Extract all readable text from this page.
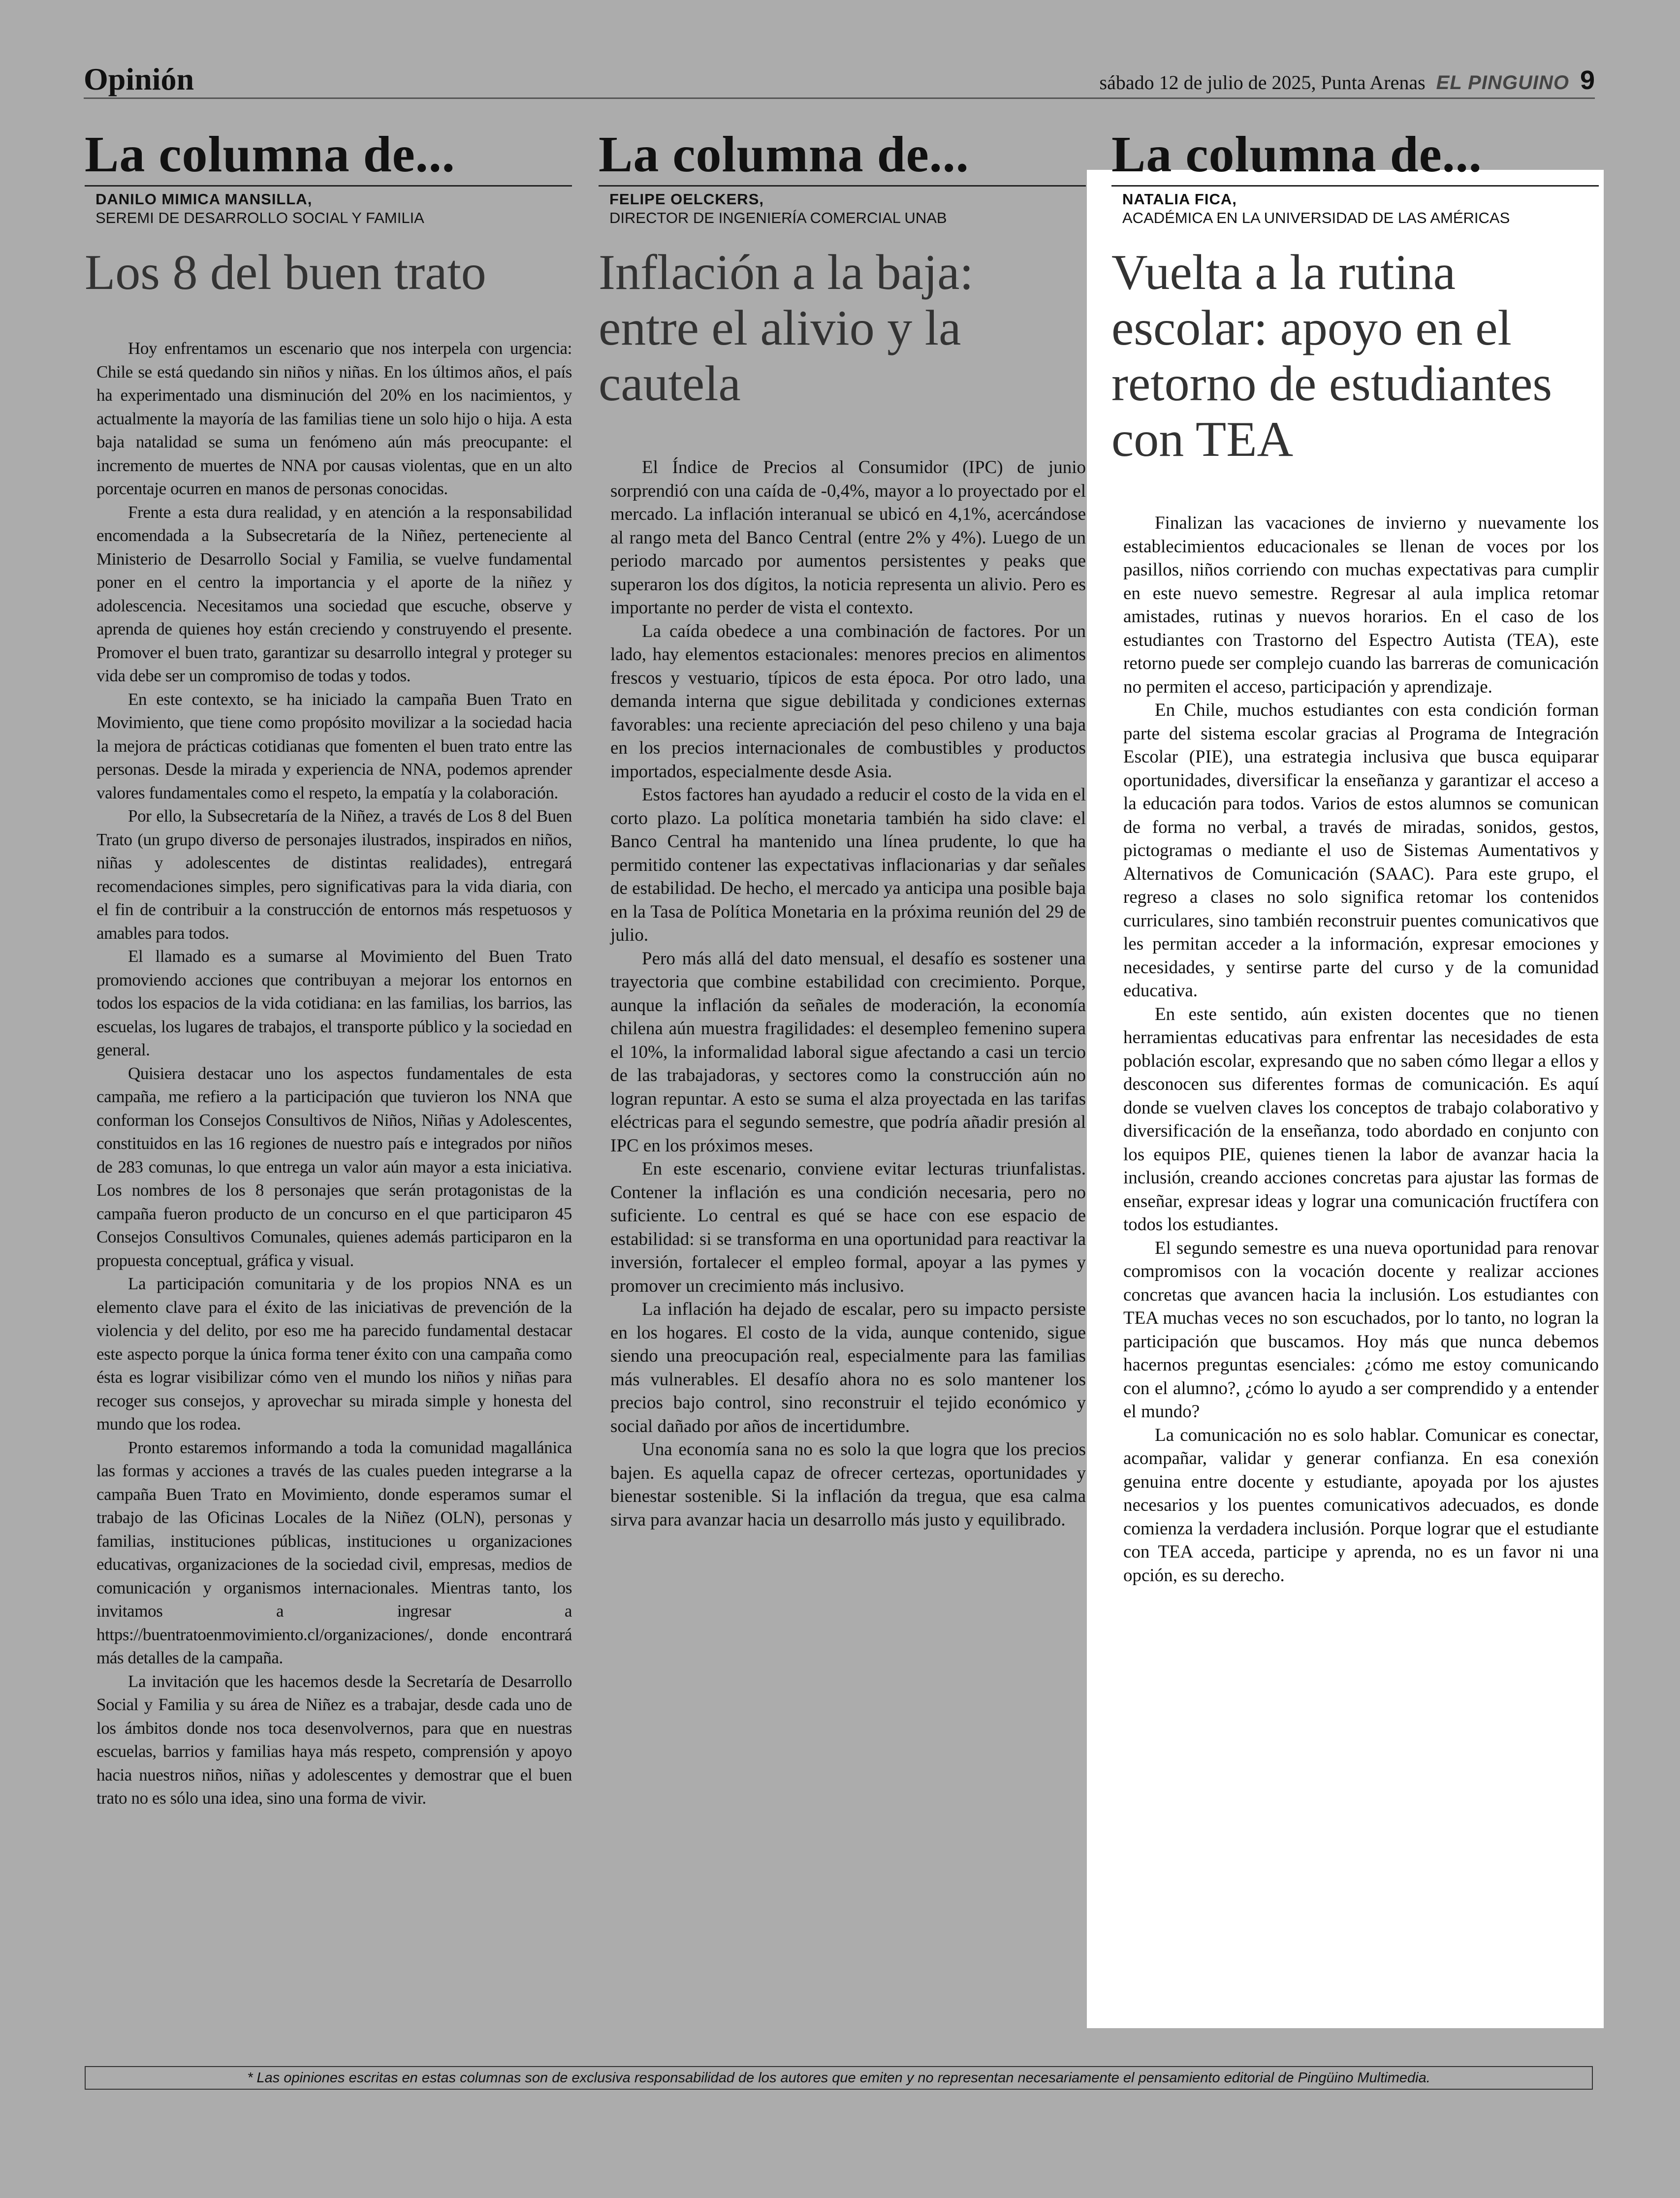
Opinión	sábado 12 de julio de 2025, Punta Arenas EL PINGUINO 9
La columna de...
DANILO MIMICA MANSILLA,
SEREMI DE DESARROLLO SOCIAL Y FAMILIA
Los 8 del buen trato

Hoy enfrentamos un escenario que nos interpela con urgencia: Chile se está quedando sin niños y niñas. En los últimos años, el país ha experimentado una disminución del 20% en los nacimientos, y actualmente la mayoría de las familias tiene un solo hijo o hija. A esta baja natalidad se suma un fenómeno aún más preocupante: el incremento de muertes de NNA por causas violentas, que en un alto porcentaje ocurren en manos de personas conocidas.

Frente a esta dura realidad, y en atención a la responsabilidad encomendada a la Subsecretaría de la Niñez, perteneciente al Ministerio de Desarrollo Social y Familia, se vuelve fundamental poner en el centro la importancia y el aporte de la niñez y adolescencia. Necesitamos una sociedad que escuche, observe y aprenda de quienes hoy están creciendo y construyendo el presente. Promover el buen trato, garantizar su desarrollo integral y proteger su vida debe ser un compromiso de todas y todos.

En este contexto, se ha iniciado la campaña Buen Trato en Movimiento, que tiene como propósito movilizar a la sociedad hacia la mejora de prácticas cotidianas que fomenten el buen trato entre las personas. Desde la mirada y experiencia de NNA, podemos aprender valores fundamentales como el respeto, la empatía y la colaboración.

Por ello, la Subsecretaría de la Niñez, a través de Los 8 del Buen Trato (un grupo diverso de personajes ilustrados, inspirados en niños, niñas y adolescentes de distintas realidades), entregará recomendaciones simples, pero significativas para la vida diaria, con el fin de contribuir a la construcción de entornos más respetuosos y amables para todos.

El llamado es a sumarse al Movimiento del Buen Trato promoviendo acciones que contribuyan a mejorar los entornos en todos los espacios de la vida cotidiana: en las familias, los barrios, las escuelas, los lugares de trabajos, el transporte público y la sociedad en general.

Quisiera destacar uno los aspectos fundamentales de esta campaña, me refiero a la participación que tuvieron los NNA que conforman los Consejos Consultivos de Niños, Niñas y Adolescentes, constituidos en las 16 regiones de nuestro país e integrados por niños de 283 comunas, lo que entrega un valor aún mayor a esta iniciativa. Los nombres de los 8 personajes que serán protagonistas de la campaña fueron producto de un concurso en el que participaron 45 Consejos Consultivos Comunales, quienes además participaron en la propuesta conceptual, gráfica y visual.

La participación comunitaria y de los propios NNA es un elemento clave para el éxito de las iniciativas de prevención de la violencia y del delito, por eso me ha parecido fundamental destacar este aspecto porque la única forma tener éxito con una campaña como ésta es lograr visibilizar cómo ven el mundo los niños y niñas para recoger sus consejos, y aprovechar su mirada simple y honesta del mundo que los rodea.

Pronto estaremos informando a toda la comunidad magallánica las formas y acciones a través de las cuales pueden integrarse a la campaña Buen Trato en Movimiento, donde esperamos sumar el trabajo de las Oficinas Locales de la Niñez (OLN), personas y familias, instituciones públicas, instituciones u organizaciones educativas, organizaciones de la sociedad civil, empresas, medios de comunicación y organismos internacionales. Mientras tanto, los invitamos a ingresar a https://buentratoenmovimiento.cl/organizaciones/, donde encontrará más detalles de la campaña.

La invitación que les hacemos desde la Secretaría de Desarrollo Social y Familia y su área de Niñez es a trabajar, desde cada uno de los ámbitos donde nos toca desenvolvernos, para que en nuestras escuelas, barrios y familias haya más respeto, comprensión y apoyo hacia nuestros niños, niñas y adolescentes y demostrar que el buen trato no es sólo una idea, sino una forma de vivir.

La columna de...
FELIPE OELCKERS,
DIRECTOR DE INGENIERÍA COMERCIAL UNAB
Inflación a la baja: entre el alivio y la cautela

El Índice de Precios al Consumidor (IPC) de junio sorprendió con una caída de -0,4%, mayor a lo proyectado por el mercado. La inflación interanual se ubicó en 4,1%, acercándose al rango meta del Banco Central (entre 2% y 4%). Luego de un periodo marcado por aumentos persistentes y peaks que superaron los dos dígitos, la noticia representa un alivio. Pero es importante no perder de vista el contexto.

La caída obedece a una combinación de factores. Por un lado, hay elementos estacionales: menores precios en alimentos frescos y vestuario, típicos de esta época. Por otro lado, una demanda interna que sigue debilitada y condiciones externas favorables: una reciente apreciación del peso chileno y una baja en los precios internacionales de combustibles y productos importados, especialmente desde Asia.

Estos factores han ayudado a reducir el costo de la vida en el corto plazo. La política monetaria también ha sido clave: el Banco Central ha mantenido una línea prudente, lo que ha permitido contener las expectativas inflacionarias y dar señales de estabilidad. De hecho, el mercado ya anticipa una posible baja en la Tasa de Política Monetaria en la próxima reunión del 29 de julio.

Pero más allá del dato mensual, el desafío es sostener una trayectoria que combine estabilidad con crecimiento. Porque, aunque la inflación da señales de moderación, la economía chilena aún muestra fragilidades: el desempleo femenino supera el 10%, la informalidad laboral sigue afectando a casi un tercio de las trabajadoras, y sectores como la construcción aún no logran repuntar. A esto se suma el alza proyectada en las tarifas eléctricas para el segundo semestre, que podría añadir presión al IPC en los próximos meses.

En este escenario, conviene evitar lecturas triunfalistas. Contener la inflación es una condición necesaria, pero no suficiente. Lo central es qué se hace con ese espacio de estabilidad: si se transforma en una oportunidad para reactivar la inversión, fortalecer el empleo formal, apoyar a las pymes y promover un crecimiento más inclusivo.

La inflación ha dejado de escalar, pero su impacto persiste en los hogares. El costo de la vida, aunque contenido, sigue siendo una preocupación real, especialmente para las familias más vulnerables. El desafío ahora no es solo mantener los precios bajo control, sino reconstruir el tejido económico y social dañado por años de incertidumbre.

Una economía sana no es solo la que logra que los precios bajen. Es aquella capaz de ofrecer certezas, oportunidades y bienestar sostenible. Si la inflación da tregua, que esa calma sirva para avanzar hacia un desarrollo más justo y equilibrado.

La columna de...
NATALIA FICA,
ACADÉMICA EN LA UNIVERSIDAD DE LAS AMÉRICAS
Vuelta a la rutina escolar: apoyo en el retorno de estudiantes con TEA

Finalizan las vacaciones de invierno y nuevamente los establecimientos educacionales se llenan de voces por los pasillos, niños corriendo con muchas expectativas para cumplir en este nuevo semestre. Regresar al aula implica retomar amistades, rutinas y nuevos horarios. En el caso de los estudiantes con Trastorno del Espectro Autista (TEA), este retorno puede ser complejo cuando las barreras de comunicación no permiten el acceso, participación y aprendizaje.

En Chile, muchos estudiantes con esta condición forman parte del sistema escolar gracias al Programa de Integración Escolar (PIE), una estrategia inclusiva que busca equiparar oportunidades, diversificar la enseñanza y garantizar el acceso a la educación para todos. Varios de estos alumnos se comunican de forma no verbal, a través de miradas, sonidos, gestos, pictogramas o mediante el uso de Sistemas Aumentativos y Alternativos de Comunicación (SAAC). Para este grupo, el regreso a clases no solo significa retomar los contenidos curriculares, sino también reconstruir puentes comunicativos que les permitan acceder a la información, expresar emociones y necesidades, y sentirse parte del curso y de la comunidad educativa.

En este sentido, aún existen docentes que no tienen herramientas educativas para enfrentar las necesidades de esta población escolar, expresando que no saben cómo llegar a ellos y desconocen sus diferentes formas de comunicación. Es aquí donde se vuelven claves los conceptos de trabajo colaborativo y diversificación de la enseñanza, todo abordado en conjunto con los equipos PIE, quienes tienen la labor de avanzar hacia la inclusión, creando acciones concretas para ajustar las formas de enseñar, expresar ideas y lograr una comunicación fructífera con todos los estudiantes.

El segundo semestre es una nueva oportunidad para renovar compromisos con la vocación docente y realizar acciones concretas que avancen hacia la inclusión. Los estudiantes con TEA muchas veces no son escuchados, por lo tanto, no logran la participación que buscamos. Hoy más que nunca debemos hacernos preguntas esenciales: ¿cómo me estoy comunicando con el alumno?, ¿cómo lo ayudo a ser comprendido y a entender el mundo?

La comunicación no es solo hablar. Comunicar es conectar, acompañar, validar y generar confianza. En esa conexión genuina entre docente y estudiante, apoyada por los ajustes necesarios y los puentes comunicativos adecuados, es donde comienza la verdadera inclusión. Porque lograr que el estudiante con TEA acceda, participe y aprenda, no es un favor ni una opción, es su derecho.

* Las opiniones escritas en estas columnas son de exclusiva responsabilidad de los autores que emiten y no representan necesariamente el pensamiento editorial de Pingüino Multimedia.
